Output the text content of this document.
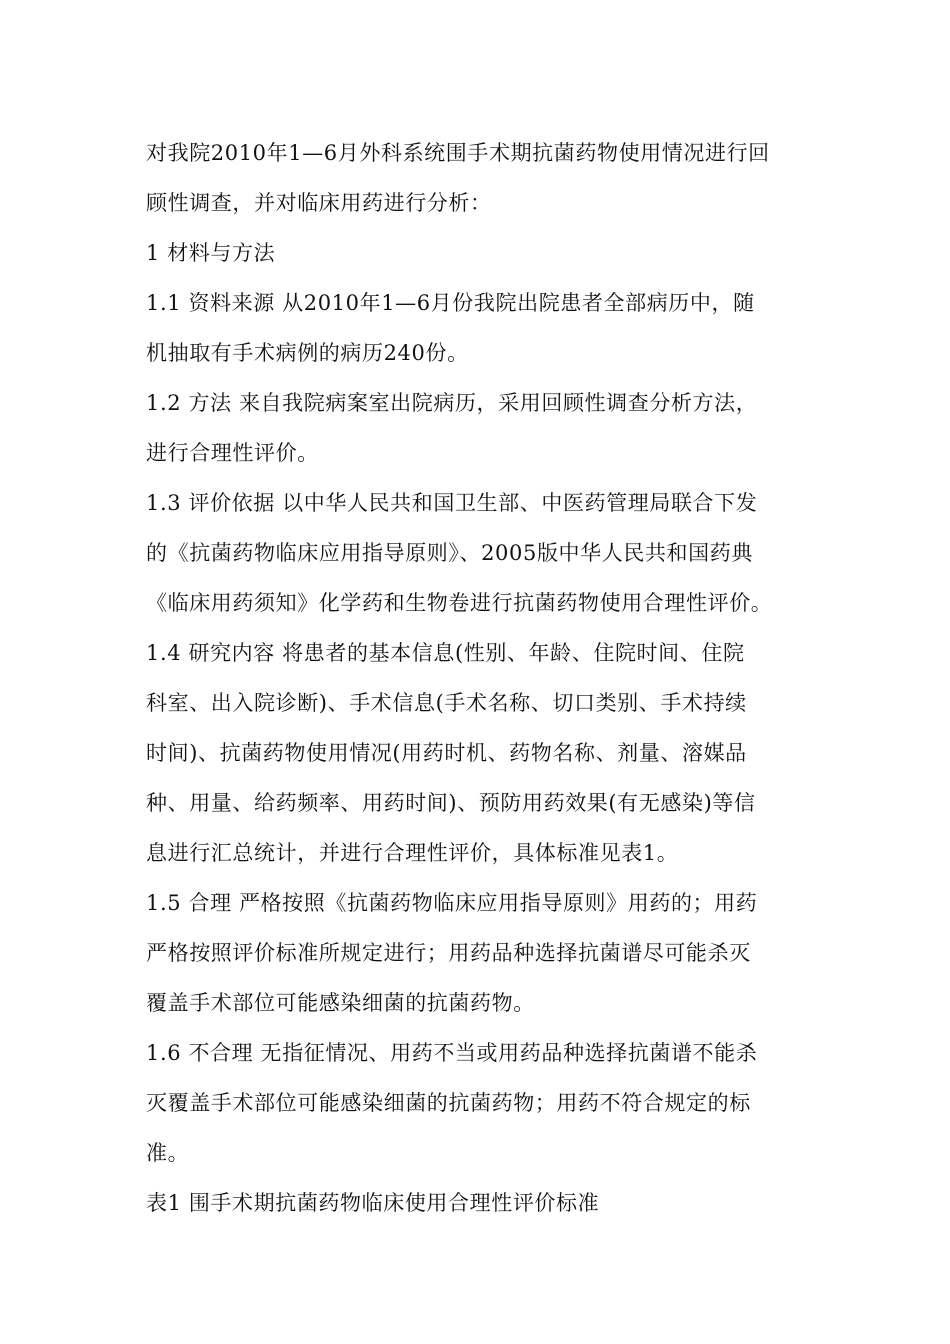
对我院2010年1—6月外科系统围手术期抗菌药物使用情况进行回

顾性调查，并对临床用药进行分析：

1 材料与方法

1.1 资料来源 从2010年1—6月份我院出院患者全部病历中，随

机抽取有手术病例的病历240份。

1.2 方法 来自我院病案室出院病历，采用回顾性调查分析方法，

进行合理性评价。

1.3 评价依据 以中华人民共和国卫生部、中医药管理局联合下发

的《抗菌药物临床应用指导原则》、2005版中华人民共和国药典

《临床用药须知》化学药和生物卷进行抗菌药物使用合理性评价。

1.4 研究内容 将患者的基本信息(性别、年龄、住院时间、住院

科室、出入院诊断)、手术信息(手术名称、切口类别、手术持续

时间)、抗菌药物使用情况(用药时机、药物名称、剂量、溶媒品

种、用量、给药频率、用药时间)、预防用药效果(有无感染)等信

息进行汇总统计，并进行合理性评价，具体标准见表1。

1.5 合理 严格按照《抗菌药物临床应用指导原则》用药的；用药

严格按照评价标准所规定进行；用药品种选择抗菌谱尽可能杀灭

覆盖手术部位可能感染细菌的抗菌药物。

1.6 不合理 无指征情况、用药不当或用药品种选择抗菌谱不能杀

灭覆盖手术部位可能感染细菌的抗菌药物；用药不符合规定的标

准。

表1 围手术期抗菌药物临床使用合理性评价标准
